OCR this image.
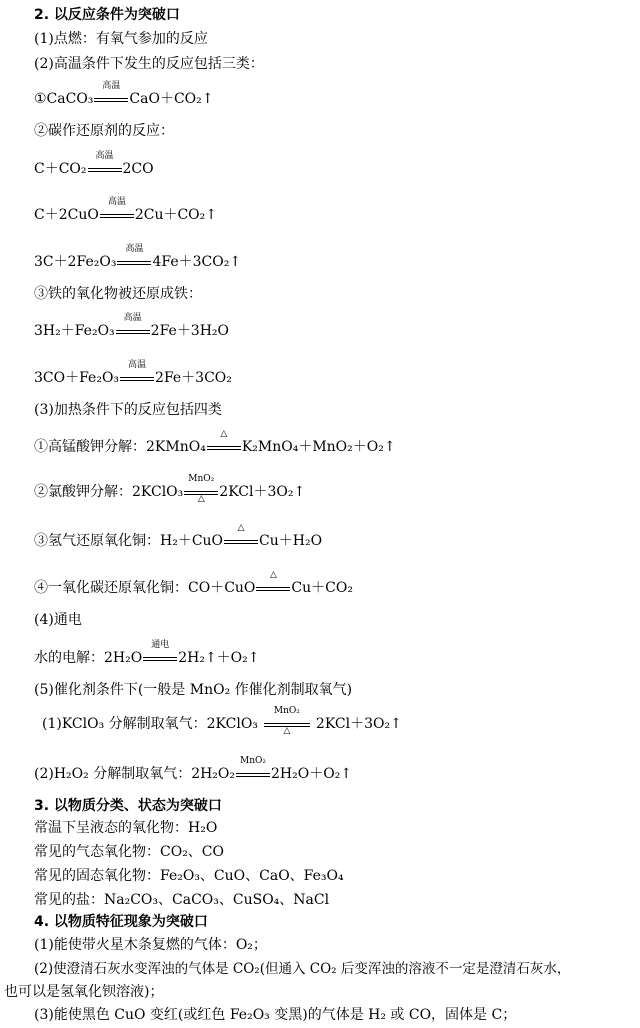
2. 以反应条件为突破口
(1)点燃：有氧气参加的反应
(2)高温条件下发生的反应包括三类：
①CaCO₃
高温
CaO＋CO₂↑
②碳作还原剂的反应：
C＋CO₂
高温
2CO
C＋2CuO
高温
2Cu＋CO₂↑
3C＋2Fe₂O₃
高温
4Fe＋3CO₂↑
③铁的氧化物被还原成铁：
3H₂＋Fe₂O₃
高温
2Fe＋3H₂O
3CO＋Fe₂O₃
高温
2Fe＋3CO₂
(3)加热条件下的反应包括四类
①高锰酸钾分解：2KMnO₄
△
K₂MnO₄＋MnO₂＋O₂↑
②氯酸钾分解：2KClO₃
MnO₂
△	2KCl＋3O₂↑
③氢气还原氧化铜：H₂＋CuO
△
Cu＋H₂O
④一氧化碳还原氧化铜：CO＋CuO
△
Cu＋CO₂
(4)通电
水的电解：2H₂O
通电
2H₂↑＋O₂↑
(5)催化剂条件下(一般是 MnO₂ 作催化剂制取氧气)
(1)KClO₃ 分解制取氧气：2KClO₃
MnO₂
△	2KCl＋3O₂↑
(2)H₂O₂ 分解制取氧气：2H₂O₂
MnO₂
2H₂O＋O₂↑
3. 以物质分类、状态为突破口
常温下呈液态的氧化物：H₂O
常见的气态氧化物：CO₂、CO
常见的固态氧化物：Fe₂O₃、CuO、CaO、Fe₃O₄
常见的盐：Na₂CO₃、CaCO₃、CuSO₄、NaCl
4. 以物质特征现象为突破口
(1)能使带火星木条复燃的气体：O₂；
(2)使澄清石灰水变浑浊的气体是 CO₂(但通入 CO₂ 后变浑浊的溶液不一定是澄清石灰水，
也可以是氢氧化钡溶液)；
(3)能使黑色 CuO 变红(或红色 Fe₂O₃ 变黑)的气体是 H₂ 或 CO，固体是 C；
